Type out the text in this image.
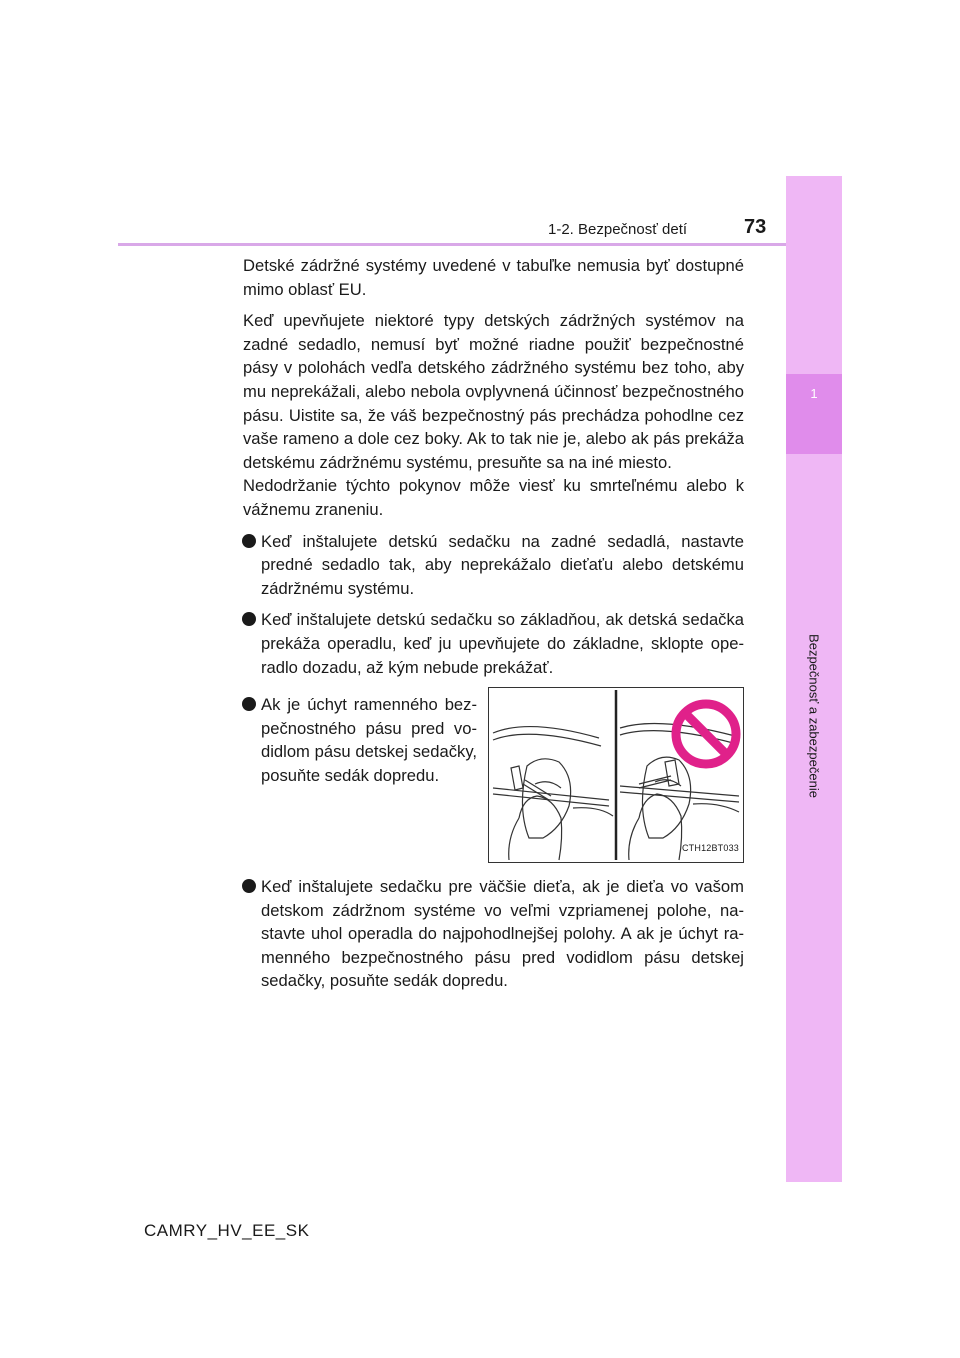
1-2. Bezpečnosť detí	73
1
Bezpečnosť a zabezpečenie

Detské zádržné systémy uvedené v tabuľke nemusia byť dostupné mimo oblasť EU.

Keď upevňujete niektoré typy detských zádržných systémov na zadné sedadlo, nemusí byť možné riadne použiť bezpečnostné pásy v polohách vedľa detského zádržného systému bez toho, aby mu neprekážali, alebo nebola ovplyvnená účinnosť bezpečnostného pásu. Uistite sa, že váš bezpečnostný pás prechádza pohodlne cez vaše rameno a dole cez boky. Ak to tak nie je, alebo ak pás prekáža detskému zádržnému systému, presuňte sa na iné miesto.

Nedodržanie týchto pokynov môže viesť ku smrteľnému alebo k vážnemu zraneniu.

Keď inštalujete detskú sedačku na zadné sedadlá, nastavte predné sedadlo tak, aby neprekážalo dieťaťu alebo detskému zádržnému systému.
Keď inštalujete detskú sedačku so základňou, ak detská sedačka prekáža operadlu, keď ju upevňujete do základne, sklopte operadlo dozadu, až kým nebude prekážať.
Ak je úchyt ramenného bezpečnostného pásu pred vodidlom pásu detskej sedačky, posuňte sedák dopredu.
CTH12BT033
Keď inštalujete sedačku pre väčšie dieťa, ak je dieťa vo vašom detskom zádržnom systéme vo veľmi vzpriamenej polohe, nastavte uhol operadla do najpohodlnejšej polohy. A ak je úchyt ramenného bezpečnostného pásu pred vodidlom pásu detskej sedačky, posuňte sedák dopredu.
CAMRY_HV_EE_SK
